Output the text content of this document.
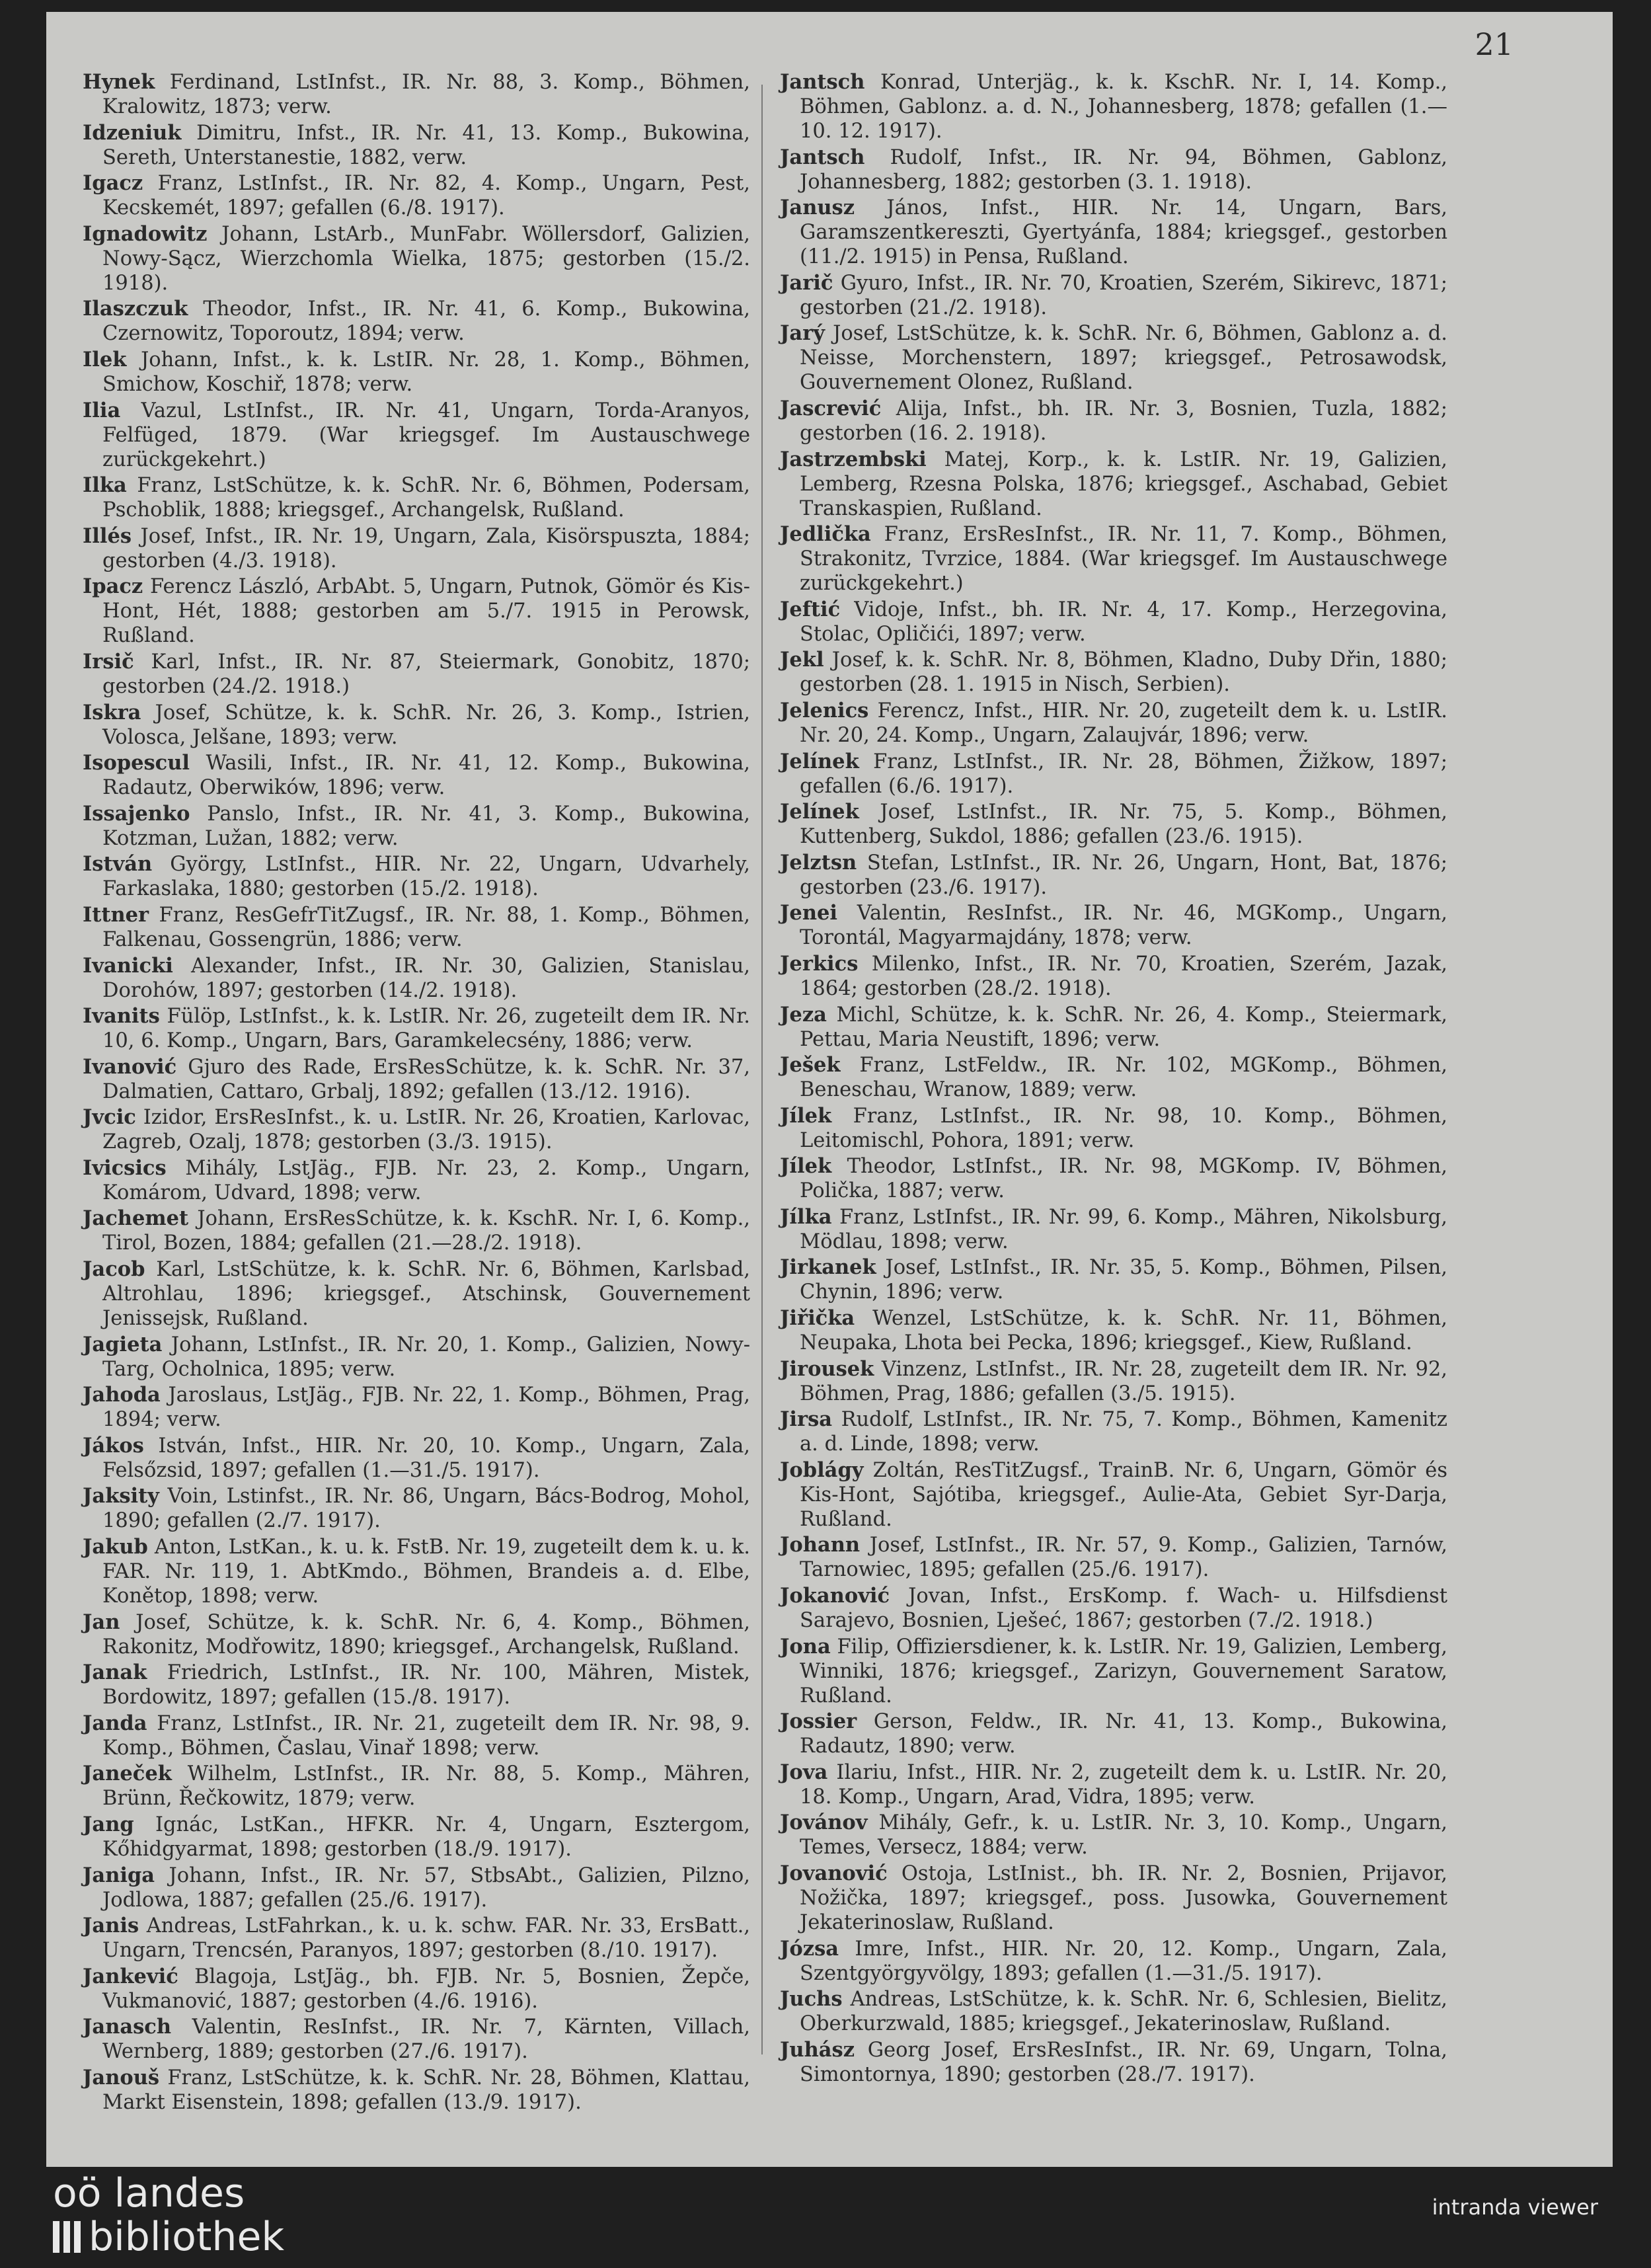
21
Hynek Ferdinand, LstInfst., IR. Nr. 88, 3. Komp., Böhmen, Kralowitz, 1873; verw.
Idzeniuk Dimitru, Infst., IR. Nr. 41, 13. Komp., Bukowina, Sereth, Unterstanestie, 1882, verw.
Igacz Franz, LstInfst., IR. Nr. 82, 4. Komp., Ungarn, Pest, Kecskemét, 1897; gefallen (6./8. 1917).
Ignadowitz Johann, LstArb., MunFabr. Wöllersdorf, Galizien, Nowy-Sącz, Wierzchomla Wielka, 1875; gestorben (15./2. 1918).
Ilaszczuk Theodor, Infst., IR. Nr. 41, 6. Komp., Bukowina, Czernowitz, Toporoutz, 1894; verw.
Ilek Johann, Infst., k. k. LstIR. Nr. 28, 1. Komp., Böhmen, Smichow, Koschiř, 1878; verw.
Ilia Vazul, LstInfst., IR. Nr. 41, Ungarn, Torda-Aranyos, Felfüged, 1879. (War kriegsgef. Im Austauschwege zurückgekehrt.)
Ilka Franz, LstSchütze, k. k. SchR. Nr. 6, Böhmen, Podersam, Pschoblik, 1888; kriegsgef., Archangelsk, Rußland.
Illés Josef, Infst., IR. Nr. 19, Ungarn, Zala, Kisörspuszta, 1884; gestorben (4./3. 1918).
Ipacz Ferencz László, ArbAbt. 5, Ungarn, Putnok, Gömör és Kis-Hont, Hét, 1888; gestorben am 5./7. 1915 in Perowsk, Rußland.
Irsič Karl, Infst., IR. Nr. 87, Steiermark, Gonobitz, 1870; gestorben (24./2. 1918.)
Iskra Josef, Schütze, k. k. SchR. Nr. 26, 3. Komp., Istrien, Volosca, Jelšane, 1893; verw.
Isopescul Wasili, Infst., IR. Nr. 41, 12. Komp., Bukowina, Radautz, Oberwików, 1896; verw.
Issajenko Panslo, Infst., IR. Nr. 41, 3. Komp., Bukowina, Kotzman, Lužan, 1882; verw.
István György, LstInfst., HIR. Nr. 22, Ungarn, Udvarhely, Farkaslaka, 1880; gestorben (15./2. 1918).
Ittner Franz, ResGefrTitZugsf., IR. Nr. 88, 1. Komp., Böhmen, Falkenau, Gossengrün, 1886; verw.
Ivanicki Alexander, Infst., IR. Nr. 30, Galizien, Stanislau, Dorohów, 1897; gestorben (14./2. 1918).
Ivanits Fülöp, LstInfst., k. k. LstIR. Nr. 26, zugeteilt dem IR. Nr. 10, 6. Komp., Ungarn, Bars, Garamkelecsény, 1886; verw.
Ivanović Gjuro des Rade, ErsResSchütze, k. k. SchR. Nr. 37, Dalmatien, Cattaro, Grbalj, 1892; gefallen (13./12. 1916).
Jvcic Izidor, ErsResInfst., k. u. LstIR. Nr. 26, Kroatien, Karlovac, Zagreb, Ozalj, 1878; gestorben (3./3. 1915).
Ivicsics Mihály, LstJäg., FJB. Nr. 23, 2. Komp., Ungarn, Komárom, Udvard, 1898; verw.
Jachemet Johann, ErsResSchütze, k. k. KschR. Nr. I, 6. Komp., Tirol, Bozen, 1884; gefallen (21.—28./2. 1918).
Jacob Karl, LstSchütze, k. k. SchR. Nr. 6, Böhmen, Karlsbad, Altrohlau, 1896; kriegsgef., Atschinsk, Gouvernement Jenissejsk, Rußland.
Jagieta Johann, LstInfst., IR. Nr. 20, 1. Komp., Galizien, Nowy-Targ, Ocholnica, 1895; verw.
Jahoda Jaroslaus, LstJäg., FJB. Nr. 22, 1. Komp., Böhmen, Prag, 1894; verw.
Jákos István, Infst., HIR. Nr. 20, 10. Komp., Ungarn, Zala, Felsőzsid, 1897; gefallen (1.—31./5. 1917).
Jaksity Voin, Lstinfst., IR. Nr. 86, Ungarn, Bács-Bodrog, Mohol, 1890; gefallen (2./7. 1917).
Jakub Anton, LstKan., k. u. k. FstB. Nr. 19, zugeteilt dem k. u. k. FAR. Nr. 119, 1. AbtKmdo., Böhmen, Brandeis a. d. Elbe, Konětop, 1898; verw.
Jan Josef, Schütze, k. k. SchR. Nr. 6, 4. Komp., Böhmen, Rakonitz, Modřowitz, 1890; kriegsgef., Archangelsk, Rußland.
Janak Friedrich, LstInfst., IR. Nr. 100, Mähren, Mistek, Bordowitz, 1897; gefallen (15./8. 1917).
Janda Franz, LstInfst., IR. Nr. 21, zugeteilt dem IR. Nr. 98, 9. Komp., Böhmen, Časlau, Vinař 1898; verw.
Janeček Wilhelm, LstInfst., IR. Nr. 88, 5. Komp., Mähren, Brünn, Řečkowitz, 1879; verw.
Jang Ignác, LstKan., HFKR. Nr. 4, Ungarn, Esztergom, Kőhidgyarmat, 1898; gestorben (18./9. 1917).
Janiga Johann, Infst., IR. Nr. 57, StbsAbt., Galizien, Pilzno, Jodlowa, 1887; gefallen (25./6. 1917).
Janis Andreas, LstFahrkan., k. u. k. schw. FAR. Nr. 33, ErsBatt., Ungarn, Trencsén, Paranyos, 1897; gestorben (8./10. 1917).
Jankević Blagoja, LstJäg., bh. FJB. Nr. 5, Bosnien, Žepče, Vukmanović, 1887; gestorben (4./6. 1916).
Janasch Valentin, ResInfst., IR. Nr. 7, Kärnten, Villach, Wernberg, 1889; gestorben (27./6. 1917).
Janouš Franz, LstSchütze, k. k. SchR. Nr. 28, Böhmen, Klattau, Markt Eisenstein, 1898; gefallen (13./9. 1917).
Jantsch Konrad, Unterjäg., k. k. KschR. Nr. I, 14. Komp., Böhmen, Gablonz. a. d. N., Johannesberg, 1878; gefallen (1.—10. 12. 1917).
Jantsch Rudolf, Infst., IR. Nr. 94, Böhmen, Gablonz, Johannesberg, 1882; gestorben (3. 1. 1918).
Janusz János, Infst., HIR. Nr. 14, Ungarn, Bars, Garamszentkereszti, Gyertyánfa, 1884; kriegsgef., gestorben (11./2. 1915) in Pensa, Rußland.
Jarič Gyuro, Infst., IR. Nr. 70, Kroatien, Szerém, Sikirevc, 1871; gestorben (21./2. 1918).
Jarý Josef, LstSchütze, k. k. SchR. Nr. 6, Böhmen, Gablonz a. d. Neisse, Morchenstern, 1897; kriegsgef., Petrosawodsk, Gouvernement Olonez, Rußland.
Jascrević Alija, Infst., bh. IR. Nr. 3, Bosnien, Tuzla, 1882; gestorben (16. 2. 1918).
Jastrzembski Matej, Korp., k. k. LstIR. Nr. 19, Galizien, Lemberg, Rzesna Polska, 1876; kriegsgef., Aschabad, Gebiet Transkaspien, Rußland.
Jedlička Franz, ErsResInfst., IR. Nr. 11, 7. Komp., Böhmen, Strakonitz, Tvrzice, 1884. (War kriegsgef. Im Austauschwege zurückgekehrt.)
Jeftić Vidoje, Infst., bh. IR. Nr. 4, 17. Komp., Herzegovina, Stolac, Opličići, 1897; verw.
Jekl Josef, k. k. SchR. Nr. 8, Böhmen, Kladno, Duby Dřin, 1880; gestorben (28. 1. 1915 in Nisch, Serbien).
Jelenics Ferencz, Infst., HIR. Nr. 20, zugeteilt dem k. u. LstIR. Nr. 20, 24. Komp., Ungarn, Zalaujvár, 1896; verw.
Jelínek Franz, LstInfst., IR. Nr. 28, Böhmen, Žižkow, 1897; gefallen (6./6. 1917).
Jelínek Josef, LstInfst., IR. Nr. 75, 5. Komp., Böhmen, Kuttenberg, Sukdol, 1886; gefallen (23./6. 1915).
Jelztsn Stefan, LstInfst., IR. Nr. 26, Ungarn, Hont, Bat, 1876; gestorben (23./6. 1917).
Jenei Valentin, ResInfst., IR. Nr. 46, MGKomp., Ungarn, Torontál, Magyarmajdány, 1878; verw.
Jerkics Milenko, Infst., IR. Nr. 70, Kroatien, Szerém, Jazak, 1864; gestorben (28./2. 1918).
Jeza Michl, Schütze, k. k. SchR. Nr. 26, 4. Komp., Steiermark, Pettau, Maria Neustift, 1896; verw.
Ješek Franz, LstFeldw., IR. Nr. 102, MGKomp., Böhmen, Beneschau, Wranow, 1889; verw.
Jílek Franz, LstInfst., IR. Nr. 98, 10. Komp., Böhmen, Leitomischl, Pohora, 1891; verw.
Jílek Theodor, LstInfst., IR. Nr. 98, MGKomp. IV, Böhmen, Polička, 1887; verw.
Jílka Franz, LstInfst., IR. Nr. 99, 6. Komp., Mähren, Nikolsburg, Mödlau, 1898; verw.
Jirkanek Josef, LstInfst., IR. Nr. 35, 5. Komp., Böhmen, Pilsen, Chynin, 1896; verw.
Jiřička Wenzel, LstSchütze, k. k. SchR. Nr. 11, Böhmen, Neupaka, Lhota bei Pecka, 1896; kriegsgef., Kiew, Rußland.
Jirousek Vinzenz, LstInfst., IR. Nr. 28, zugeteilt dem IR. Nr. 92, Böhmen, Prag, 1886; gefallen (3./5. 1915).
Jirsa Rudolf, LstInfst., IR. Nr. 75, 7. Komp., Böhmen, Kamenitz a. d. Linde, 1898; verw.
Joblágy Zoltán, ResTitZugsf., TrainB. Nr. 6, Ungarn, Gömör és Kis-Hont, Sajótiba, kriegsgef., Aulie-Ata, Gebiet Syr-Darja, Rußland.
Johann Josef, LstInfst., IR. Nr. 57, 9. Komp., Galizien, Tarnów, Tarnowiec, 1895; gefallen (25./6. 1917).
Jokanović Jovan, Infst., ErsKomp. f. Wach- u. Hilfsdienst Sarajevo, Bosnien, Lješeć, 1867; gestorben (7./2. 1918.)
Jona Filip, Offiziersdiener, k. k. LstIR. Nr. 19, Galizien, Lemberg, Winniki, 1876; kriegsgef., Zarizyn, Gouvernement Saratow, Rußland.
Jossier Gerson, Feldw., IR. Nr. 41, 13. Komp., Bukowina, Radautz, 1890; verw.
Jova Ilariu, Infst., HIR. Nr. 2, zugeteilt dem k. u. LstIR. Nr. 20, 18. Komp., Ungarn, Arad, Vidra, 1895; verw.
Jovánov Mihály, Gefr., k. u. LstIR. Nr. 3, 10. Komp., Ungarn, Temes, Versecz, 1884; verw.
Jovanović Ostoja, LstInist., bh. IR. Nr. 2, Bosnien, Prijavor, Nožička, 1897; kriegsgef., poss. Jusowka, Gouvernement Jekaterinoslaw, Rußland.
Józsa Imre, Infst., HIR. Nr. 20, 12. Komp., Ungarn, Zala, Szentgyörgyvölgy, 1893; gefallen (1.—31./5. 1917).
Juchs Andreas, LstSchütze, k. k. SchR. Nr. 6, Schlesien, Bielitz, Oberkurzwald, 1885; kriegsgef., Jekaterinoslaw, Rußland.
Juhász Georg Josef, ErsResInfst., IR. Nr. 69, Ungarn, Tolna, Simontornya, 1890; gestorben (28./7. 1917).
oö landes
bibliothek
intranda viewer
